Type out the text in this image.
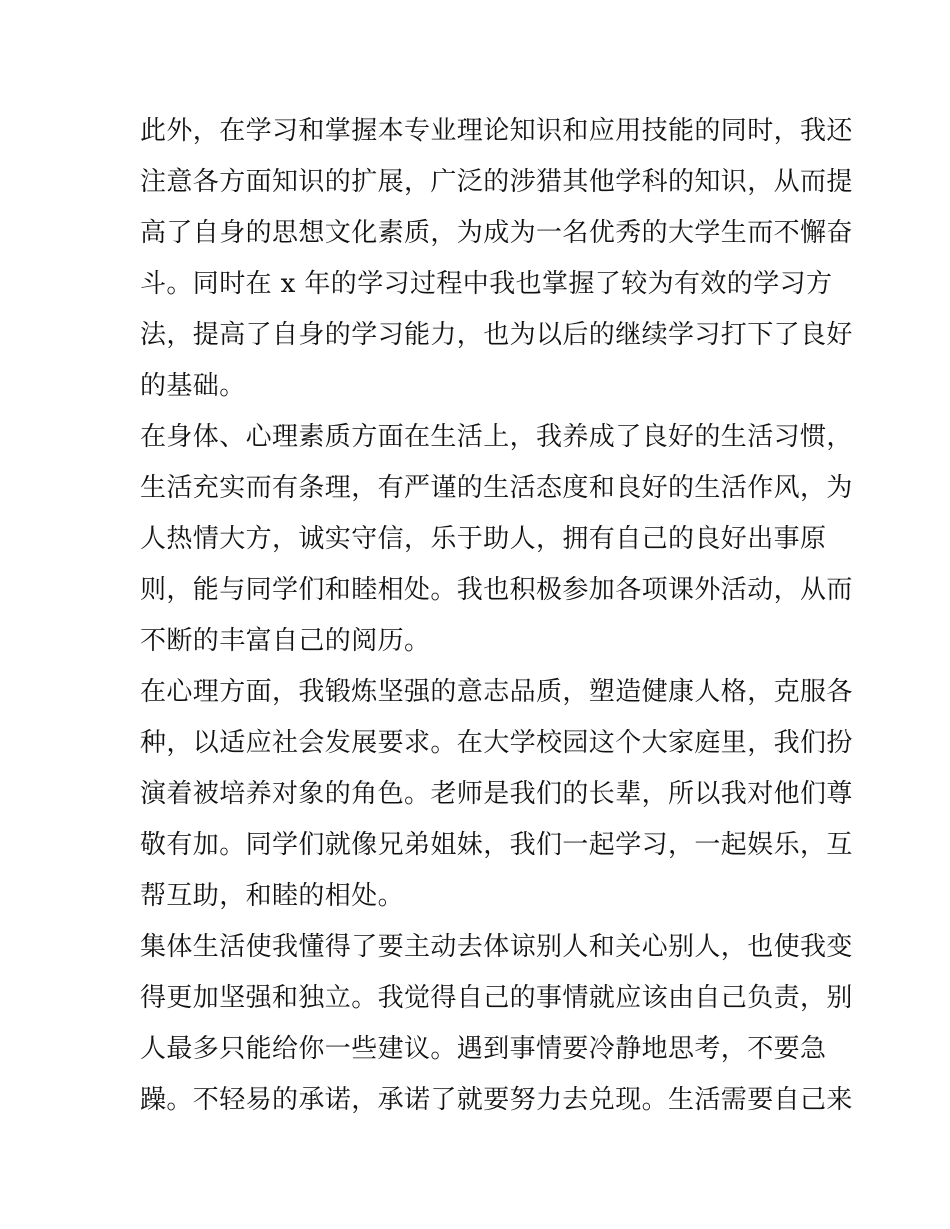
此外，在学习和掌握本专业理论知识和应用技能的同时，我还
注意各方面知识的扩展，广泛的涉猎其他学科的知识，从而提
高了自身的思想文化素质，为成为一名优秀的大学生而不懈奋
斗。同时在 x 年的学习过程中我也掌握了较为有效的学习方
法，提高了自身的学习能力，也为以后的继续学习打下了良好
的基础。
在身体、心理素质方面在生活上，我养成了良好的生活习惯，
生活充实而有条理，有严谨的生活态度和良好的生活作风，为
人热情大方，诚实守信，乐于助人，拥有自己的良好出事原
则，能与同学们和睦相处。我也积极参加各项课外活动，从而
不断的丰富自己的阅历。
在心理方面，我锻炼坚强的意志品质，塑造健康人格，克服各
种，以适应社会发展要求。在大学校园这个大家庭里，我们扮
演着被培养对象的角色。老师是我们的长辈，所以我对他们尊
敬有加。同学们就像兄弟姐妹，我们一起学习，一起娱乐，互
帮互助，和睦的相处。
集体生活使我懂得了要主动去体谅别人和关心别人，也使我变
得更加坚强和独立。我觉得自己的事情就应该由自己负责，别
人最多只能给你一些建议。遇到事情要冷静地思考，不要急
躁。不轻易的承诺，承诺了就要努力去兑现。生活需要自己来
